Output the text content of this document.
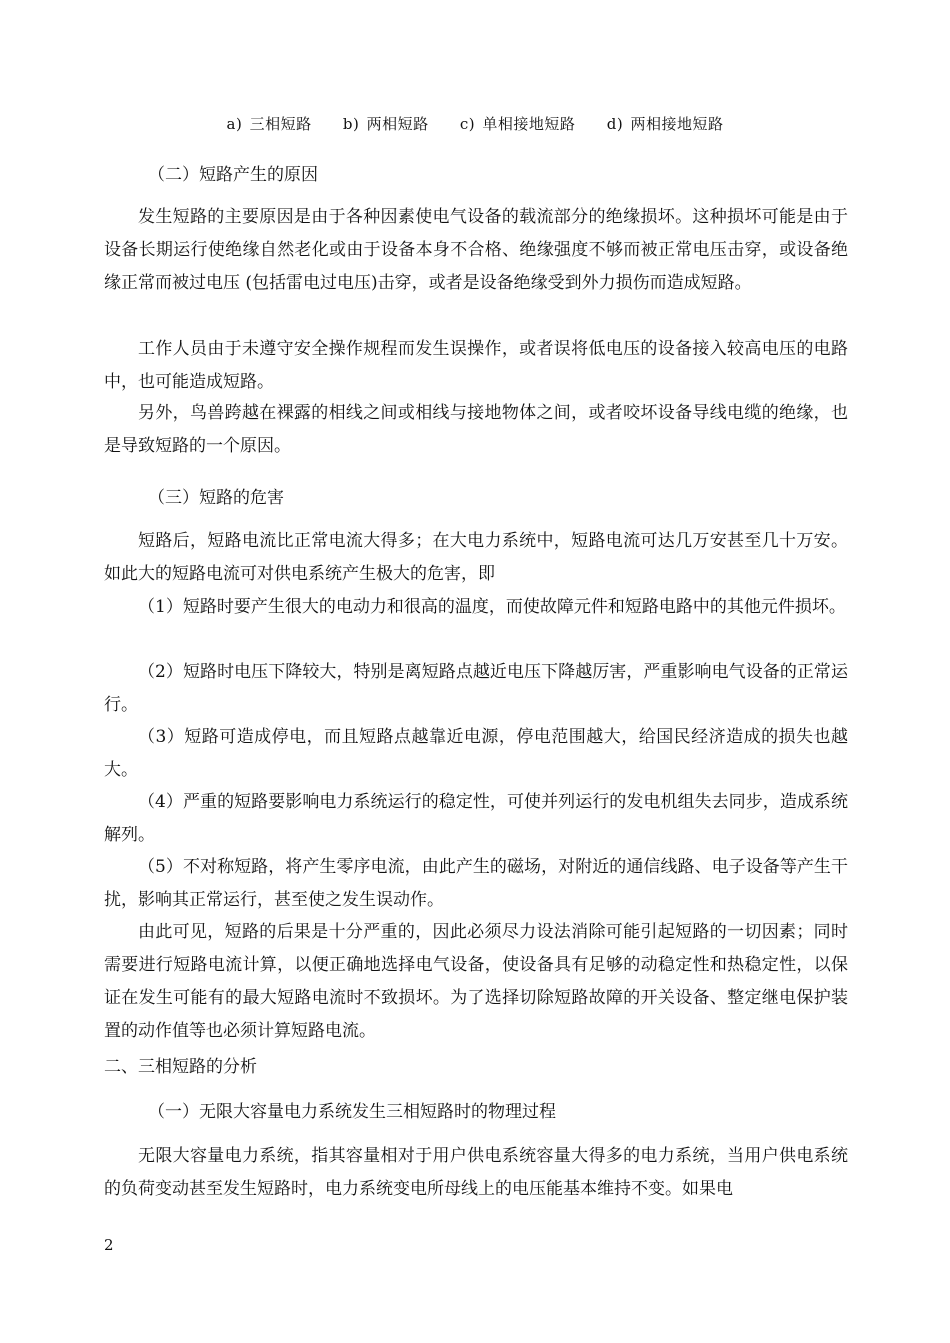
a) 三相短路 b) 两相短路 c) 单相接地短路 d) 两相接地短路
（二）短路产生的原因

发生短路的主要原因是由于各种因素使电气设备的载流部分的绝缘损坏。这种损坏可能是由于设备长期运行使绝缘自然老化或由于设备本身不合格、绝缘强度不够而被正常电压击穿，或设备绝缘正常而被过电压 (包括雷电过电压)击穿，或者是设备绝缘受到外力损伤而造成短路。

工作人员由于未遵守安全操作规程而发生误操作，或者误将低电压的设备接入较高电压的电路中，也可能造成短路。

另外，鸟兽跨越在裸露的相线之间或相线与接地物体之间，或者咬坏设备导线电缆的绝缘，也是导致短路的一个原因。

（三）短路的危害

短路后，短路电流比正常电流大得多；在大电力系统中，短路电流可达几万安甚至几十万安。如此大的短路电流可对供电系统产生极大的危害，即

（1）短路时要产生很大的电动力和很高的温度，而使故障元件和短路电路中的其他元件损坏。

（2）短路时电压下降较大，特别是离短路点越近电压下降越厉害，严重影响电气设备的正常运行。

（3）短路可造成停电，而且短路点越靠近电源，停电范围越大，给国民经济造成的损失也越大。

（4）严重的短路要影响电力系统运行的稳定性，可使并列运行的发电机组失去同步，造成系统解列。

（5）不对称短路，将产生零序电流，由此产生的磁场，对附近的通信线路、电子设备等产生干扰，影响其正常运行，甚至使之发生误动作。

由此可见，短路的后果是十分严重的，因此必须尽力设法消除可能引起短路的一切因素；同时需要进行短路电流计算，以便正确地选择电气设备，使设备具有足够的动稳定性和热稳定性，以保证在发生可能有的最大短路电流时不致损坏。为了选择切除短路故障的开关设备、整定继电保护装置的动作值等也必须计算短路电流。

二、三相短路的分析
（一）无限大容量电力系统发生三相短路时的物理过程

无限大容量电力系统，指其容量相对于用户供电系统容量大得多的电力系统，当用户供电系统的负荷变动甚至发生短路时，电力系统变电所母线上的电压能基本维持不变。如果电

2
